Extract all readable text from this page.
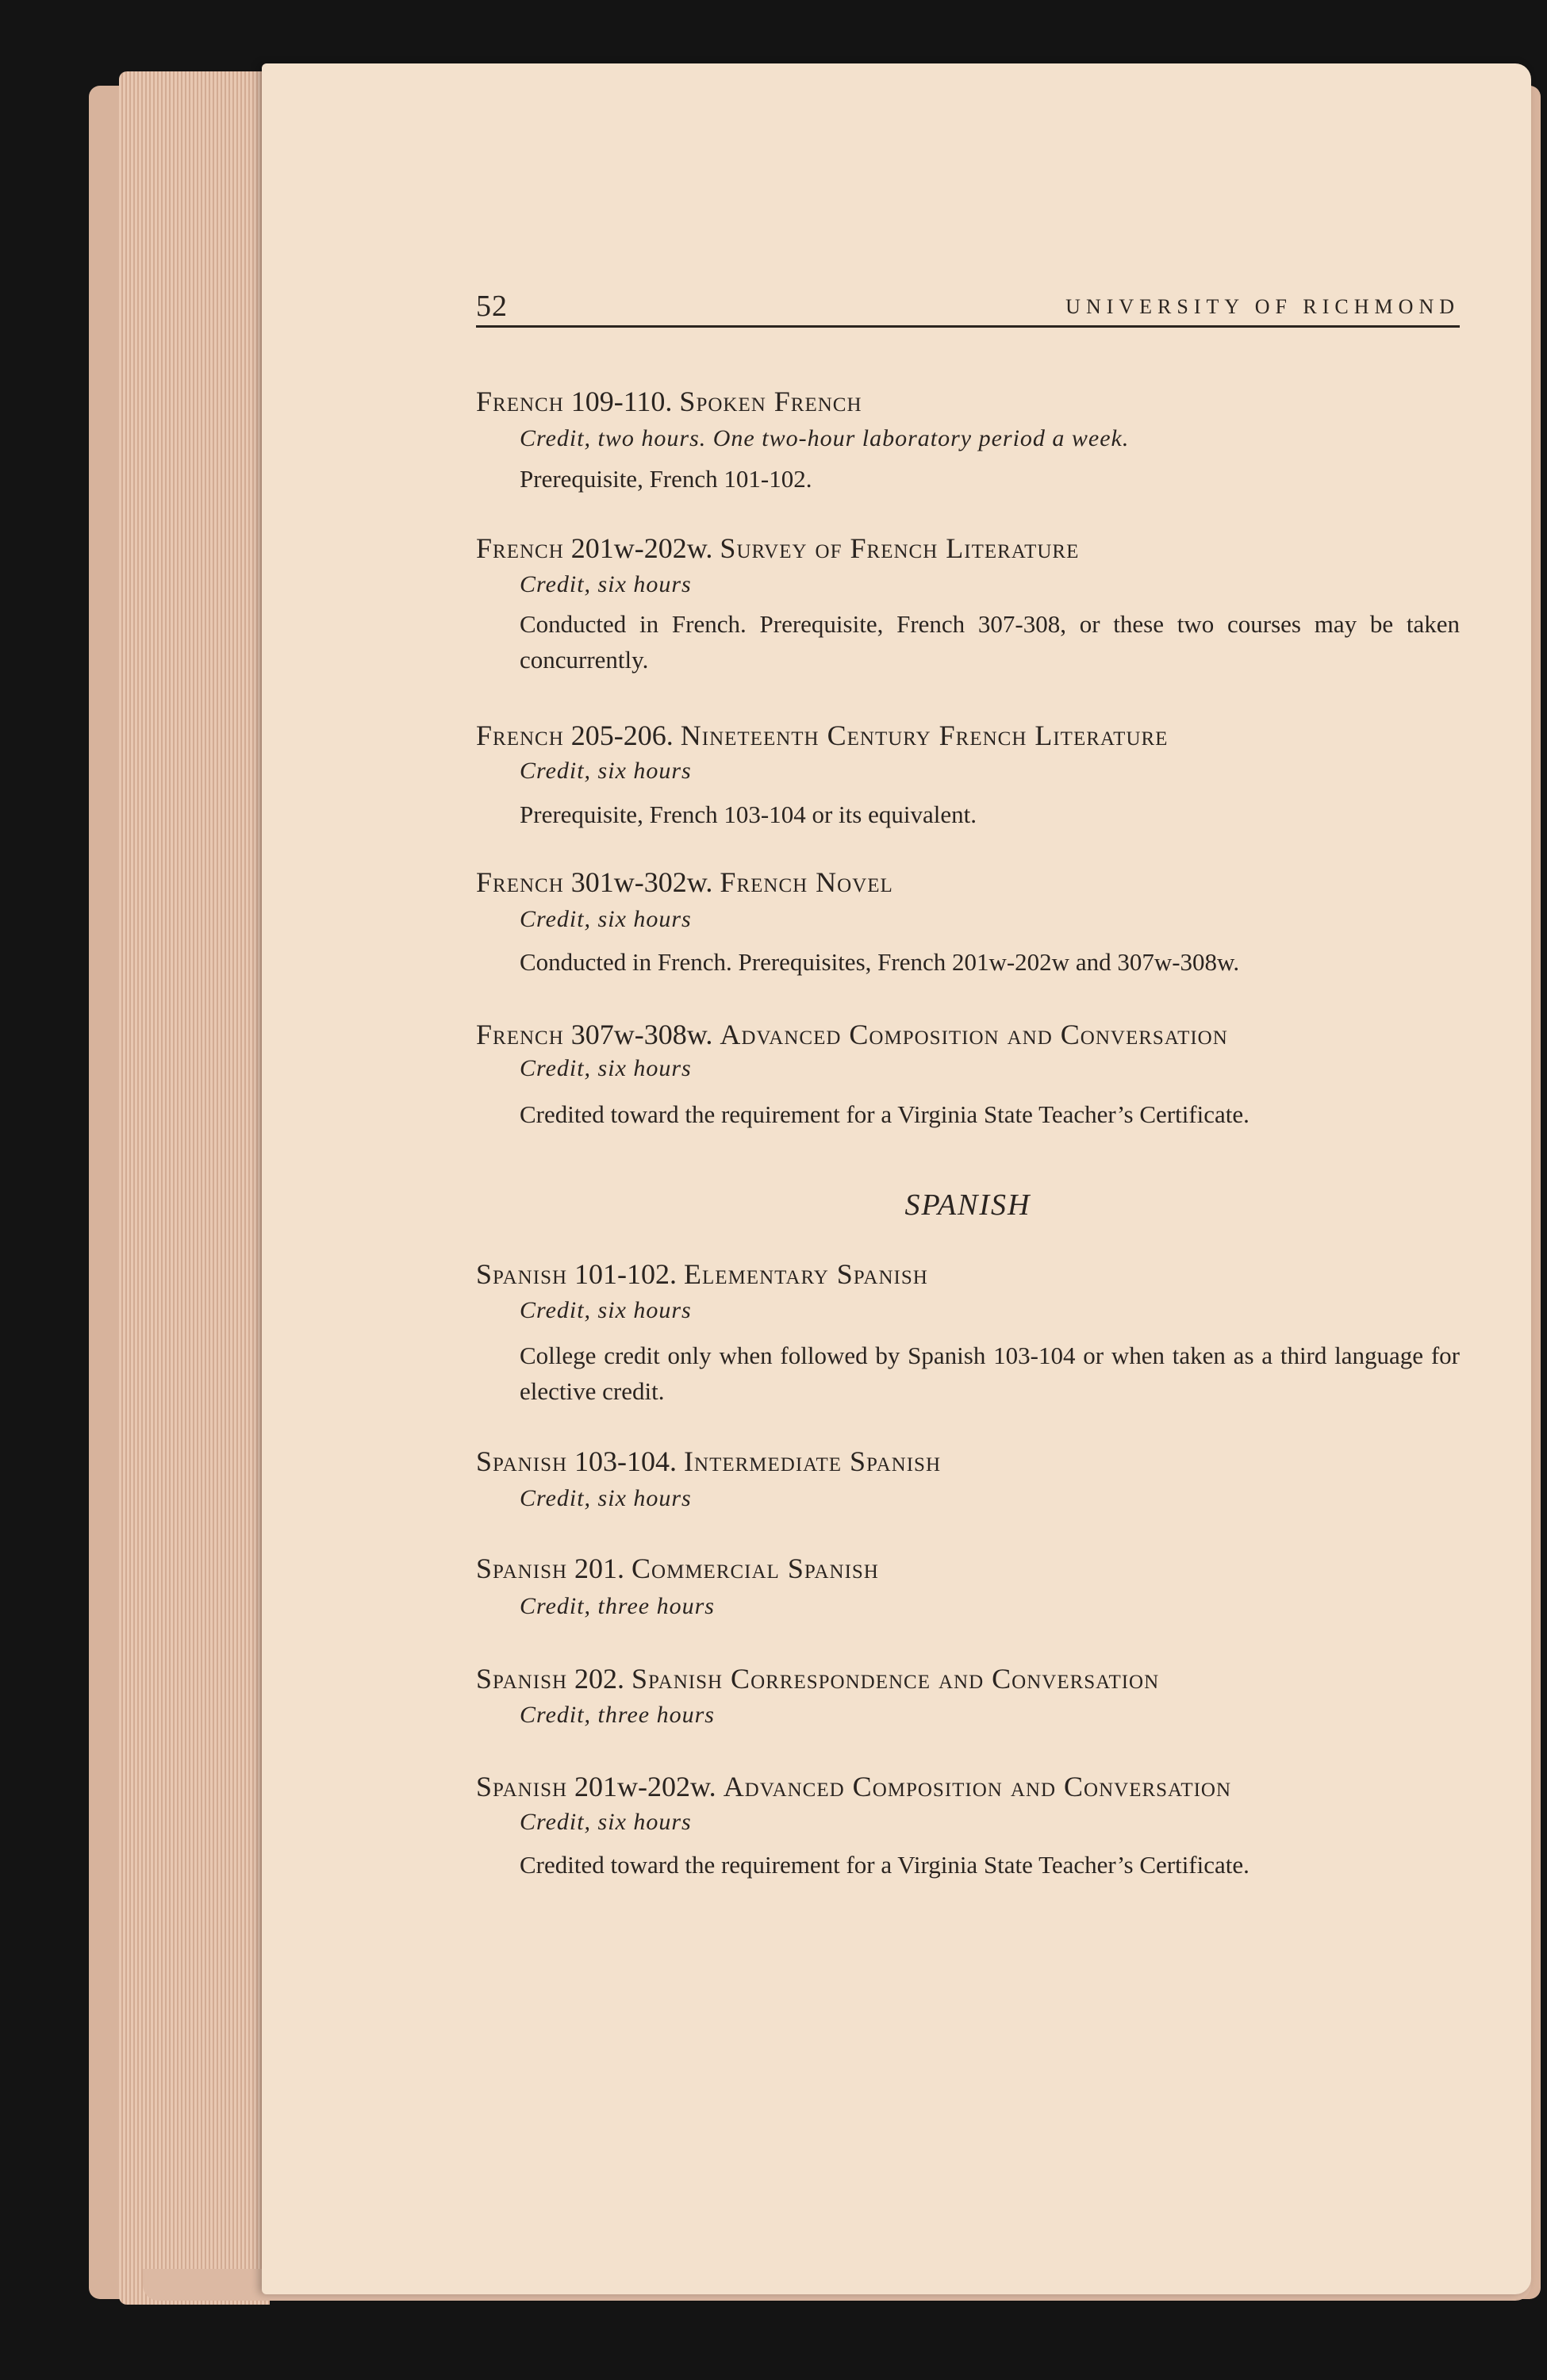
52	UNIVERSITY OF RICHMOND
French 109-110. Spoken French
Credit, two hours. One two-hour laboratory period a week.
Prerequisite, French 101-102.
French 201w-202w. Survey of French Literature
Credit, six hours
Conducted in French. Prerequisite, French 307-308, or these two courses may be taken concurrently.
French 205-206. Nineteenth Century French Literature
Credit, six hours
Prerequisite, French 103-104 or its equivalent.
French 301w-302w. French Novel
Credit, six hours
Conducted in French. Prerequisites, French 201w-202w and 307w-308w.
French 307w-308w. Advanced Composition and Conversation
Credit, six hours
Credited toward the requirement for a Virginia State Teacher’s Certificate.
SPANISH
Spanish 101-102. Elementary Spanish
Credit, six hours
College credit only when followed by Spanish 103-104 or when taken as a third language for elective credit.
Spanish 103-104. Intermediate Spanish
Credit, six hours
Spanish 201. Commercial Spanish
Credit, three hours
Spanish 202. Spanish Correspondence and Conversation
Credit, three hours
Spanish 201w-202w. Advanced Composition and Conversation
Credit, six hours
Credited toward the requirement for a Virginia State Teacher’s Certificate.
